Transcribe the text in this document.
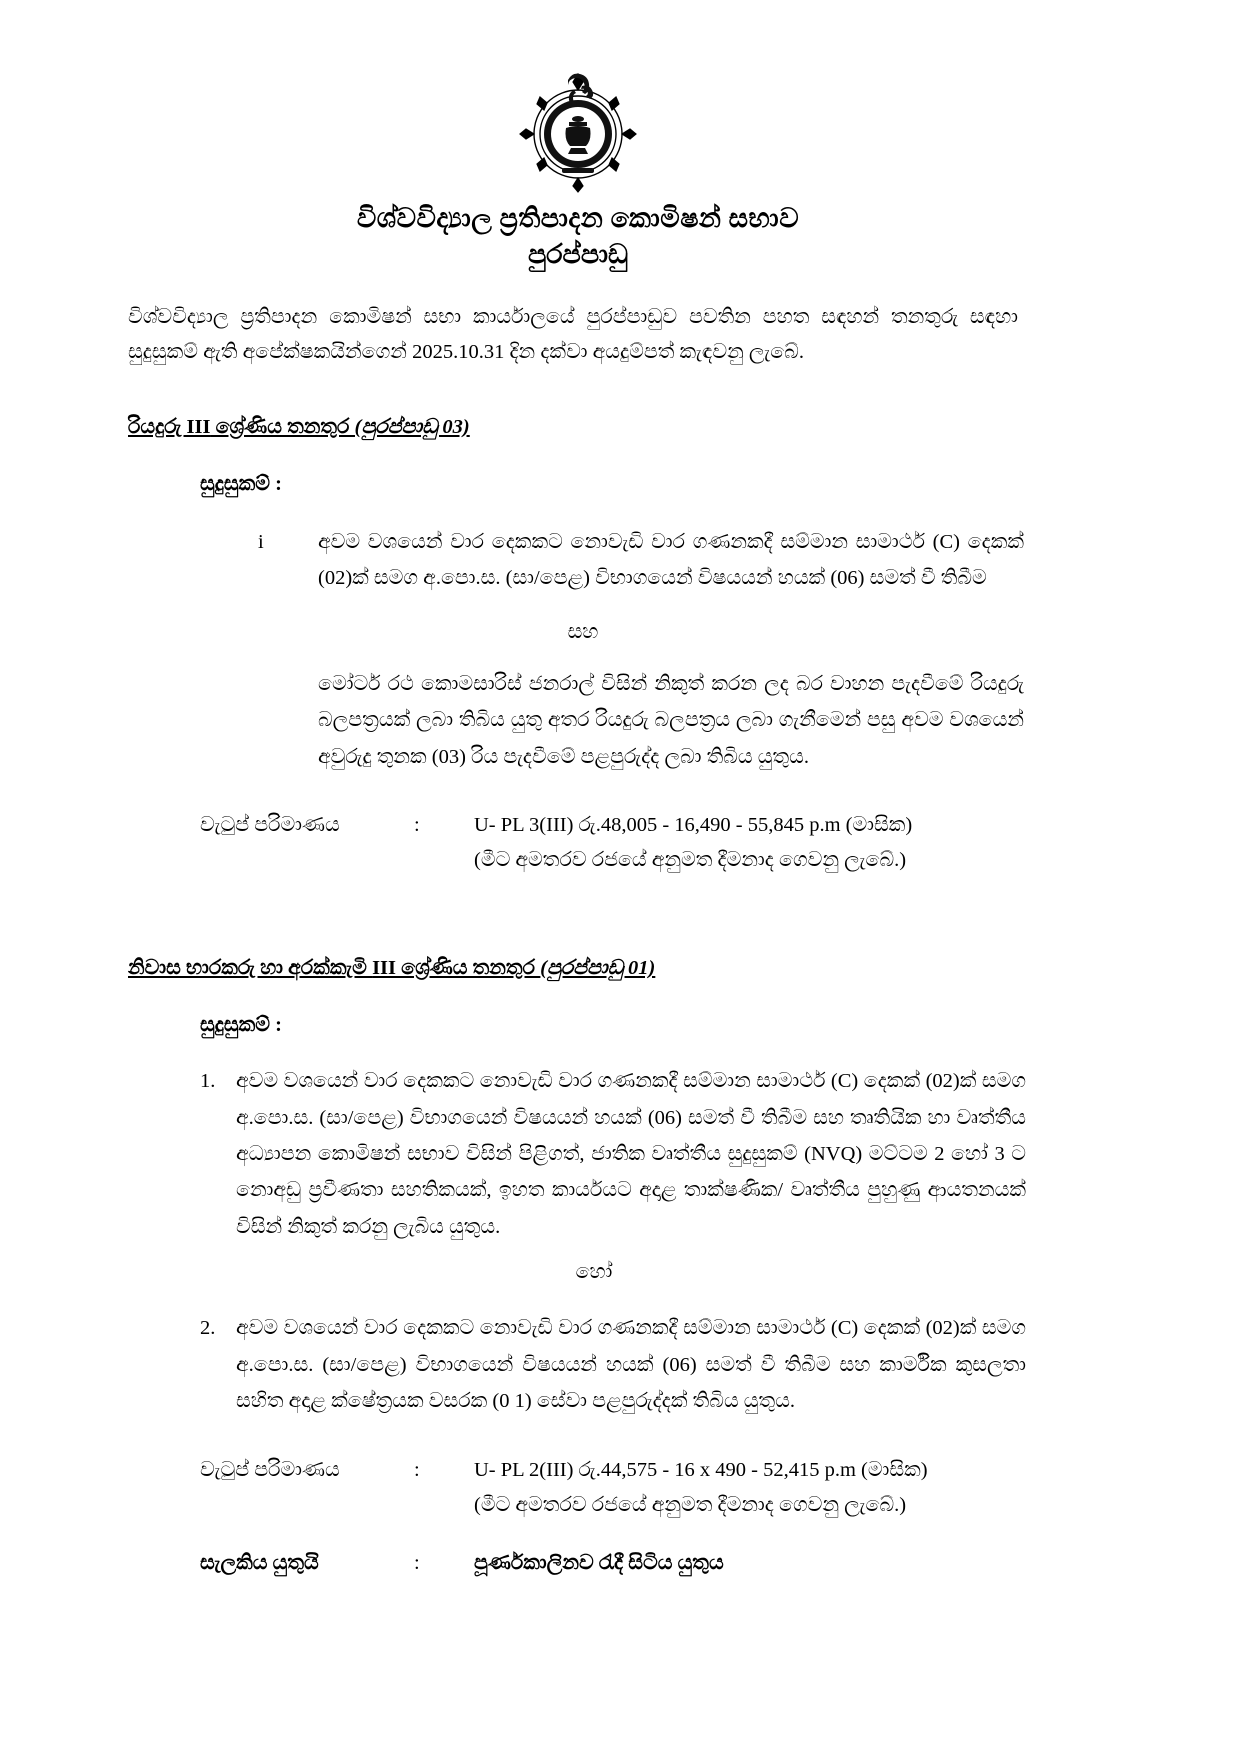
විශ්වවිද්‍යාල ප්‍රතිපාදන කොමිෂන් සභාව
පුරප්පාඩු

විශ්වවිද්‍යාල ප්‍රතිපාදන කොමිෂන් සභා කාර්යාලයේ පුරප්පාඩුව පවතින පහත සඳහන් තනතුරු සඳහා සුදුසුකම් ඇති අපේක්ෂකයින්ගෙන් 2025.10.31 දින දක්වා අයදුම්පත් කැඳවනු ලැබේ.

රියදුරු III ශ්‍රේණිය තනතුර (පුරප්පාඩු 03)
සුදුසුකම් :
i	අවම වශයෙන් වාර දෙකකට නොවැඩි වාර ගණනකදී සම්මාන සාමාර්ථ (C) දෙකක් (02)ක් සමග අ.පො.ස. (සා/පෙළ) විභාගයෙන් විෂයයන් හයක් (06) සමත් වී තිබීම
සහ
මෝටර් රථ කොමසාරිස් ජනරාල් විසින් නිකුත් කරන ලද බර වාහන පැදවීමේ රියදුරු බලපත්‍රයක් ලබා තිබිය යුතු අතර රියදුරු බලපත්‍රය ලබා ගැනීමෙන් පසු අවම වශයෙන් අවුරුදු තුනක (03) රිය පැදවීමේ පළපුරුද්ද ලබා තිබිය යුතුය.
වැටුප් පරිමාණය	:	U- PL 3(III) රු.48,005 - 16,490 - 55,845 p.m (මාසික)
(මීට අමතරව රජයේ අනුමත දීමනාද ගෙවනු ලැබේ.)
නිවාස භාරකරු හා අරක්කැමි III ශ්‍රේණිය තනතුර (පුරප්පාඩු 01)
සුදුසුකම් :
1.	අවම වශයෙන් වාර දෙකකට නොවැඩි වාර ගණනකදී සම්මාන සාමාර්ථ (C) දෙකක් (02)ක් සමග අ.පො.ස. (සා/පෙළ) විභාගයෙන් විෂයයන් හයක් (06) සමත් වී තිබීම සහ තෘතියික හා වෘත්තීය අධ්‍යාපන කොමිෂන් සභාව විසින් පිළිගත්, ජාතික වෘත්තීය සුදුසුකම් (NVQ) මට්ටම 2 හෝ 3 ට නොඅඩු ප්‍රවීණතා සහතිකයක්, ඉහත කාර්යයට අදාළ තාක්ෂණික/ වෘත්තීය පුහුණු ආයතනයක් විසින් නිකුත් කරනු ලැබිය යුතුය.
හෝ
2.	අවම වශයෙන් වාර දෙකකට නොවැඩි වාර ගණනකදී සම්මාන සාමාර්ථ (C) දෙකක් (02)ක් සමග අ.පො.ස. (සා/පෙළ) විභාගයෙන් විෂයයන් හයක් (06) සමත් වී තිබීම සහ කාර්මික කුසලතා සහිත අදාළ ක්ෂේත්‍රයක වසරක (0 1) සේවා පළපුරුද්දක් තිබිය යුතුය.
වැටුප් පරිමාණය	:	U- PL 2(III) රු.44,575 - 16 x 490 - 52,415 p.m (මාසික)
(මීට අමතරව රජයේ අනුමත දීමනාද ගෙවනු ලැබේ.)
සැලකිය යුතුයි	:	පූර්ණකාලිනව රැදී සිටිය යුතුය
